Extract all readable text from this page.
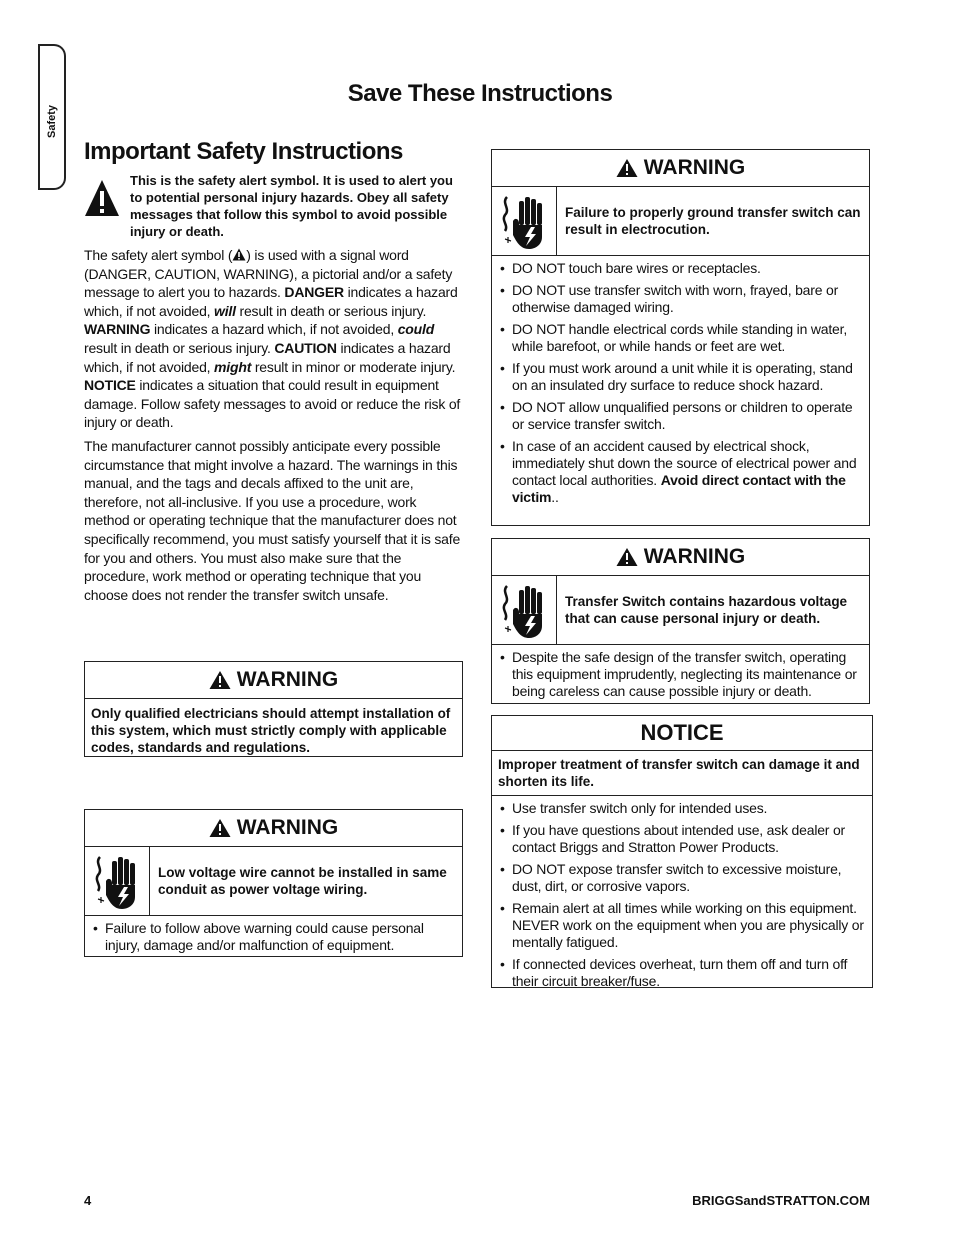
Safety
Save These Instructions
Important Safety Instructions
This is the safety alert symbol. It is used to alert you to potential personal injury hazards. Obey all safety messages that follow this symbol to avoid possible injury or death.

The safety alert symbol ( ) is used with a signal word (DANGER, CAUTION, WARNING), a pictorial and/or a safety message to alert you to hazards. DANGER indicates a hazard which, if not avoided, will result in death or serious injury. WARNING indicates a hazard which, if not avoided, could result in death or serious injury. CAUTION indicates a hazard which, if not avoided, might result in minor or moderate injury. NOTICE indicates a situation that could result in equipment damage. Follow safety messages to avoid or reduce the risk of injury or death.

The manufacturer cannot possibly anticipate every possible circumstance that might involve a hazard. The warnings in this manual, and the tags and decals affixed to the unit are, therefore, not all-inclusive. If you use a procedure, work method or operating technique that the manufacturer does not specifically recommend, you must satisfy yourself that it is safe for you and others. You must also make sure that the procedure, work method or operating technique that you choose does not render the transfer switch unsafe.

WARNING
Only qualified electricians should attempt installation of this system, which must strictly comply with applicable codes, standards and regulations.
WARNING
Low voltage wire cannot be installed in same conduit as power voltage wiring.
• Failure to follow above warning could cause personal injury, damage and/or malfunction of equipment.
WARNING
Failure to properly ground transfer switch can result in electrocution.
• DO NOT touch bare wires or receptacles.
• DO NOT use transfer switch with worn, frayed, bare or otherwise damaged wiring.
• DO NOT handle electrical cords while standing in water, while barefoot, or while hands or feet are wet.
• If you must work around a unit while it is operating, stand on an insulated dry surface to reduce shock hazard.
• DO NOT allow unqualified persons or children to operate or service transfer switch.
• In case of an accident caused by electrical shock, immediately shut down the source of electrical power and contact local authorities. Avoid direct contact with the victim..
WARNING
Transfer Switch contains hazardous voltage that can cause personal injury or death.
• Despite the safe design of the transfer switch, operating this equipment imprudently, neglecting its maintenance or being careless can cause possible injury or death.
NOTICE
Improper treatment of transfer switch can damage it and shorten its life.
• Use transfer switch only for intended uses.
• If you have questions about intended use, ask dealer or contact Briggs and Stratton Power Products.
• DO NOT expose transfer switch to excessive moisture, dust, dirt, or corrosive vapors.
• Remain alert at all times while working on this equipment. NEVER work on the equipment when you are physically or mentally fatigued.
• If connected devices overheat, turn them off and turn off their circuit breaker/fuse.
4	BRIGGSandSTRATTON.COM
